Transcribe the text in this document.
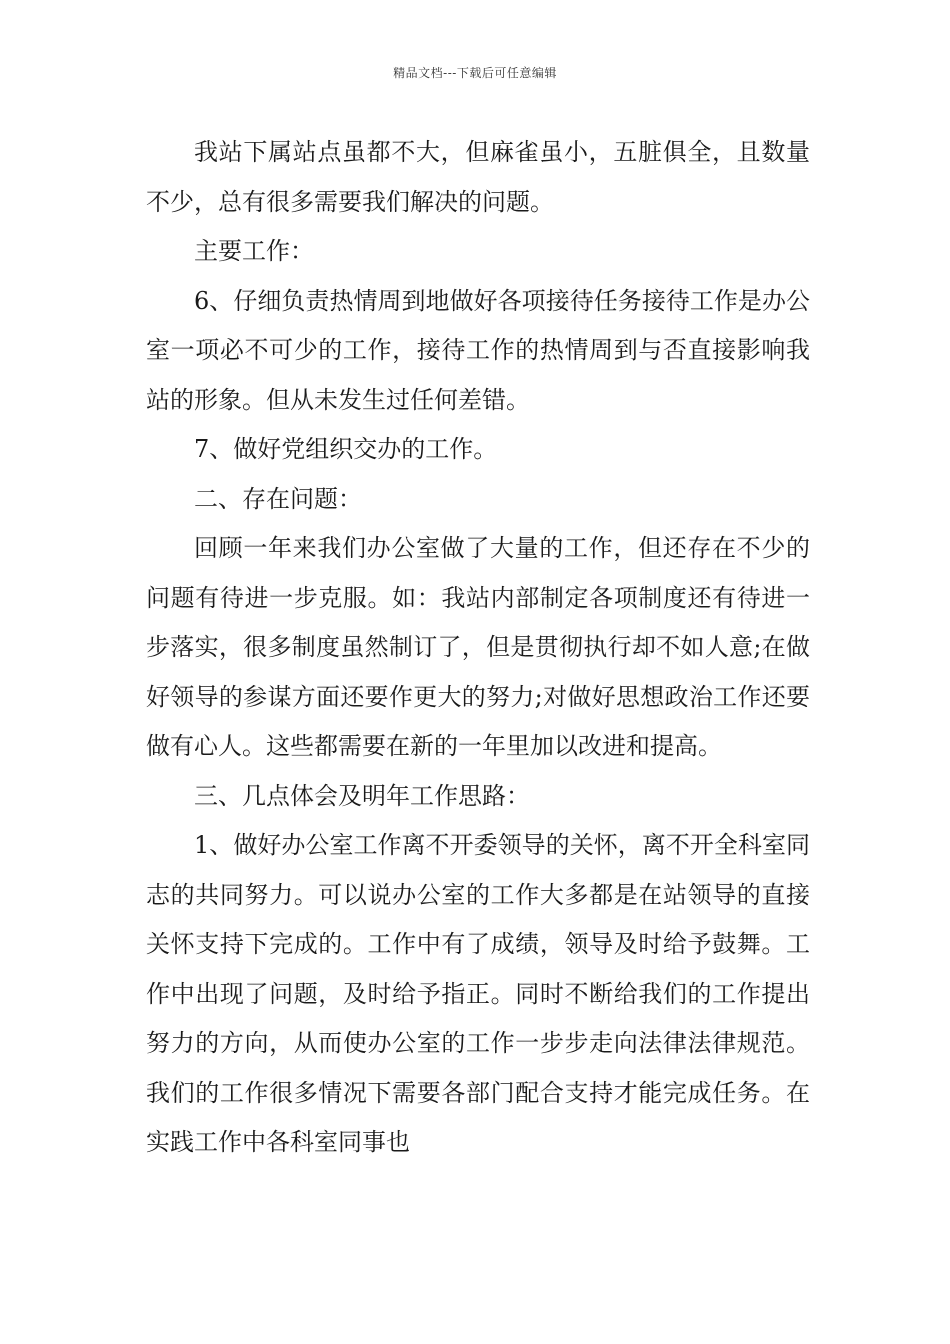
精品文档---下载后可任意编辑

我站下属站点虽都不大，但麻雀虽小，五脏俱全，且数量不少，总有很多需要我们解决的问题。

主要工作：

6、仔细负责热情周到地做好各项接待任务接待工作是办公室一项必不可少的工作，接待工作的热情周到与否直接影响我站的形象。但从未发生过任何差错。

7、做好党组织交办的工作。

二、存在问题：

回顾一年来我们办公室做了大量的工作，但还存在不少的问题有待进一步克服。如：我站内部制定各项制度还有待进一步落实，很多制度虽然制订了，但是贯彻执行却不如人意;在做好领导的参谋方面还要作更大的努力;对做好思想政治工作还要做有心人。这些都需要在新的一年里加以改进和提高。

三、几点体会及明年工作思路：

1、做好办公室工作离不开委领导的关怀，离不开全科室同志的共同努力。可以说办公室的工作大多都是在站领导的直接关怀支持下完成的。工作中有了成绩，领导及时给予鼓舞。工作中出现了问题，及时给予指正。同时不断给我们的工作提出努力的方向，从而使办公室的工作一步步走向法律法律规范。我们的工作很多情况下需要各部门配合支持才能完成任务。在实践工作中各科室同事也
